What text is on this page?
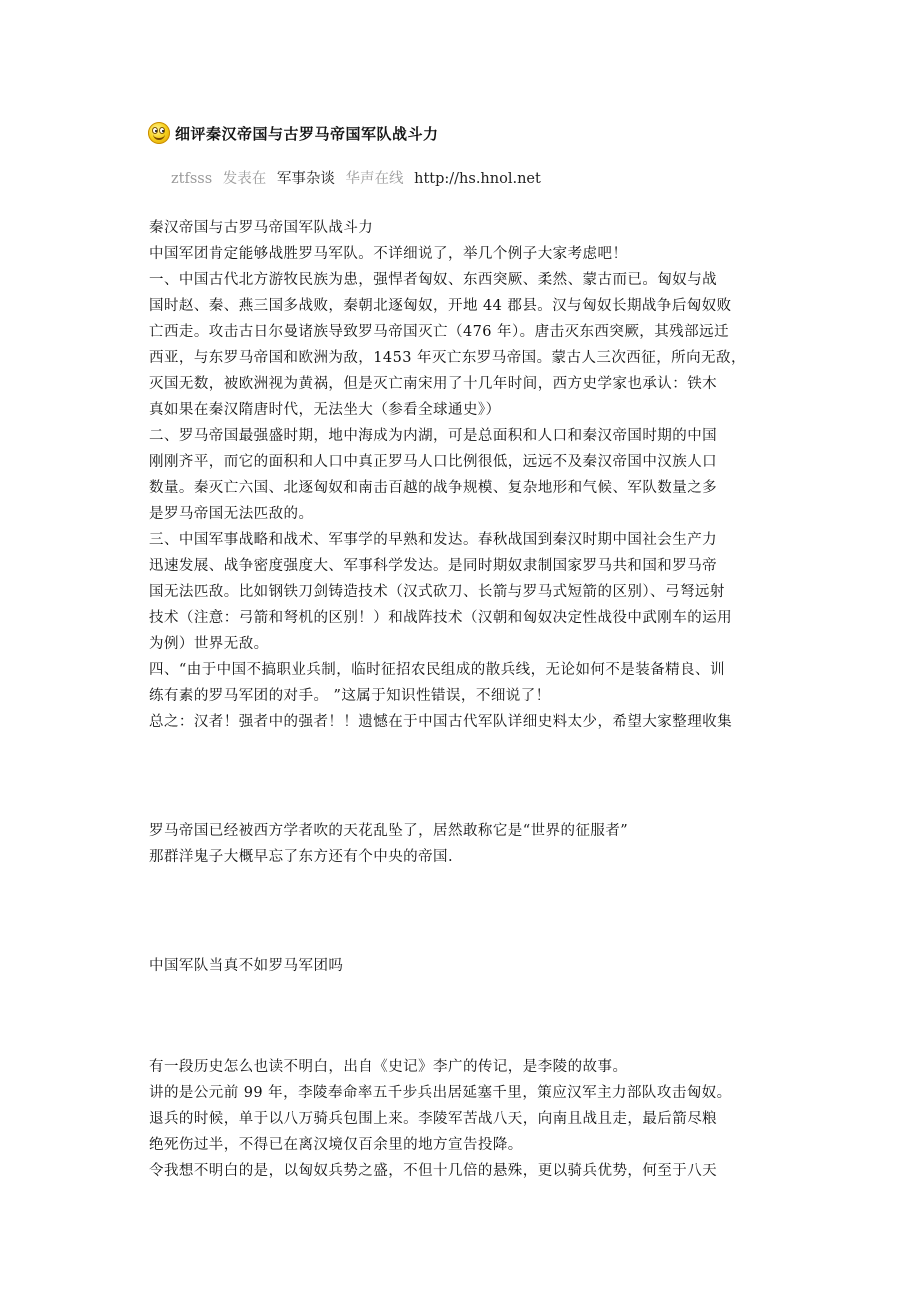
细评秦汉帝国与古罗马帝国军队战斗力
ztfsss 发表在 军事杂谈 华声在线 http://hs.hnol.net
秦汉帝国与古罗马帝国军队战斗力
中国军团肯定能够战胜罗马军队。不详细说了，举几个例子大家考虑吧！
一、中国古代北方游牧民族为患，强悍者匈奴、东西突厥、柔然、蒙古而已。匈奴与战
国时赵、秦、燕三国多战败，秦朝北逐匈奴，开地 44 郡县。汉与匈奴长期战争后匈奴败
亡西走。攻击古日尔曼诸族导致罗马帝国灭亡（476 年）。唐击灭东西突厥，其残部远迁
西亚，与东罗马帝国和欧洲为敌，1453 年灭亡东罗马帝国。蒙古人三次西征，所向无敌，
灭国无数，被欧洲视为黄祸，但是灭亡南宋用了十几年时间，西方史学家也承认：铁木
真如果在秦汉隋唐时代，无法坐大（参看全球通史》）
二、罗马帝国最强盛时期，地中海成为内湖，可是总面积和人口和秦汉帝国时期的中国
刚刚齐平，而它的面积和人口中真正罗马人口比例很低，远远不及秦汉帝国中汉族人口
数量。秦灭亡六国、北逐匈奴和南击百越的战争规模、复杂地形和气候、军队数量之多
是罗马帝国无法匹敌的。
三、中国军事战略和战术、军事学的早熟和发达。春秋战国到秦汉时期中国社会生产力
迅速发展、战争密度强度大、军事科学发达。是同时期奴隶制国家罗马共和国和罗马帝
国无法匹敌。比如钢铁刀剑铸造技术（汉式砍刀、长箭与罗马式短箭的区别）、弓弩远射
技术（注意：弓箭和弩机的区别！）和战阵技术（汉朝和匈奴决定性战役中武刚车的运用
为例）世界无敌。
四、“由于中国不搞职业兵制，临时征招农民组成的散兵线，无论如何不是装备精良、训
练有素的罗马军团的对手。 ”这属于知识性错误，不细说了！
总之：汉者！强者中的强者！！遗憾在于中国古代军队详细史料太少，希望大家整理收集
罗马帝国已经被西方学者吹的天花乱坠了，居然敢称它是“世界的征服者”
那群洋鬼子大概早忘了东方还有个中央的帝国.
中国军队当真不如罗马军团吗
有一段历史怎么也读不明白，出自《史记》李广的传记，是李陵的故事。
讲的是公元前 99 年，李陵奉命率五千步兵出居延塞千里，策应汉军主力部队攻击匈奴。
退兵的时候，单于以八万骑兵包围上来。李陵军苦战八天，向南且战且走，最后箭尽粮
绝死伤过半，不得已在离汉境仅百余里的地方宣告投降。
令我想不明白的是，以匈奴兵势之盛，不但十几倍的悬殊，更以骑兵优势，何至于八天
